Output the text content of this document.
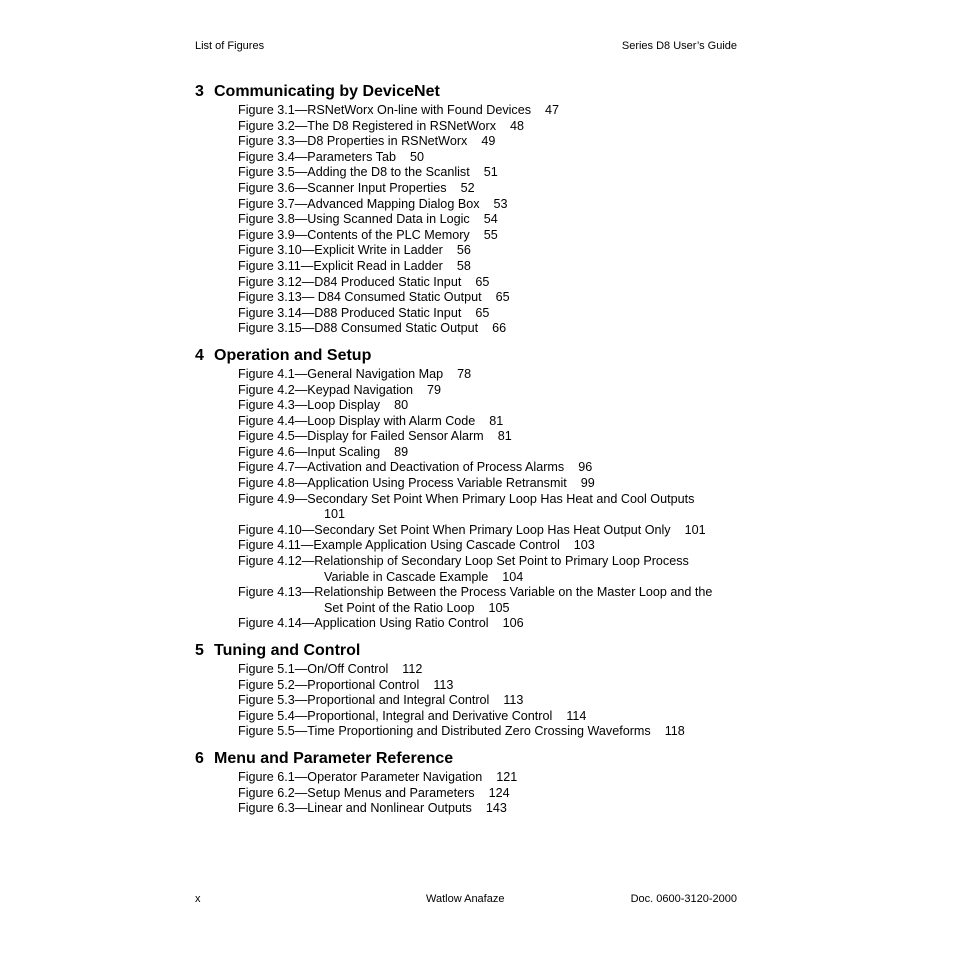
List of Figures	Series D8 User’s Guide
3 Communicating by DeviceNet
Figure 3.1—RSNetWorx On-line with Found Devices 47
Figure 3.2—The D8 Registered in RSNetWorx 48
Figure 3.3—D8 Properties in RSNetWorx 49
Figure 3.4—Parameters Tab 50
Figure 3.5—Adding the D8 to the Scanlist 51
Figure 3.6—Scanner Input Properties 52
Figure 3.7—Advanced Mapping Dialog Box 53
Figure 3.8—Using Scanned Data in Logic 54
Figure 3.9—Contents of the PLC Memory 55
Figure 3.10—Explicit Write in Ladder 56
Figure 3.11—Explicit Read in Ladder 58
Figure 3.12—D84 Produced Static Input 65
Figure 3.13— D84 Consumed Static Output 65
Figure 3.14—D88 Produced Static Input 65
Figure 3.15—D88 Consumed Static Output 66
4 Operation and Setup
Figure 4.1—General Navigation Map 78
Figure 4.2—Keypad Navigation 79
Figure 4.3—Loop Display 80
Figure 4.4—Loop Display with Alarm Code 81
Figure 4.5—Display for Failed Sensor Alarm 81
Figure 4.6—Input Scaling 89
Figure 4.7—Activation and Deactivation of Process Alarms 96
Figure 4.8—Application Using Process Variable Retransmit 99
Figure 4.9—Secondary Set Point When Primary Loop Has Heat and Cool Outputs
101
Figure 4.10—Secondary Set Point When Primary Loop Has Heat Output Only 101
Figure 4.11—Example Application Using Cascade Control 103
Figure 4.12—Relationship of Secondary Loop Set Point to Primary Loop Process
Variable in Cascade Example 104
Figure 4.13—Relationship Between the Process Variable on the Master Loop and the
Set Point of the Ratio Loop 105
Figure 4.14—Application Using Ratio Control 106
5 Tuning and Control
Figure 5.1—On/Off Control 112
Figure 5.2—Proportional Control 113
Figure 5.3—Proportional and Integral Control 113
Figure 5.4—Proportional, Integral and Derivative Control 114
Figure 5.5—Time Proportioning and Distributed Zero Crossing Waveforms 118
6 Menu and Parameter Reference
Figure 6.1—Operator Parameter Navigation 121
Figure 6.2—Setup Menus and Parameters 124
Figure 6.3—Linear and Nonlinear Outputs 143
x	Watlow Anafaze	Doc. 0600-3120-2000
